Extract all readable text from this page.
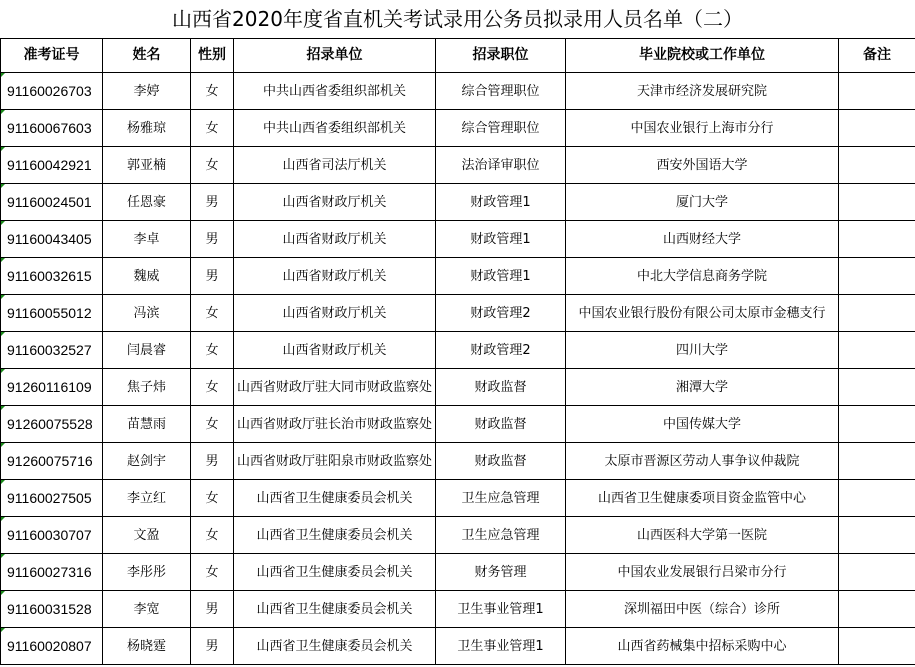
山西省2020年度省直机关考试录用公务员拟录用人员名单（二）
准考证号	姓名	性别	招录单位	招录职位	毕业院校或工作单位	备注
91160026703	李婷	女	中共山西省委组织部机关	综合管理职位	天津市经济发展研究院	
91160067603	杨雅琼	女	中共山西省委组织部机关	综合管理职位	中国农业银行上海市分行	
91160042921	郭亚楠	女	山西省司法厅机关	法治译审职位	西安外国语大学	
91160024501	任恩豪	男	山西省财政厅机关	财政管理1	厦门大学	
91160043405	李卓	男	山西省财政厅机关	财政管理1	山西财经大学	
91160032615	魏威	男	山西省财政厅机关	财政管理1	中北大学信息商务学院	
91160055012	冯滨	女	山西省财政厅机关	财政管理2	中国农业银行股份有限公司太原市金穗支行	
91160032527	闫晨睿	女	山西省财政厅机关	财政管理2	四川大学	
91260116109	焦子炜	女	山西省财政厅驻大同市财政监察处	财政监督	湘潭大学	
91260075528	苗慧雨	女	山西省财政厅驻长治市财政监察处	财政监督	中国传媒大学	
91260075716	赵剑宇	男	山西省财政厅驻阳泉市财政监察处	财政监督	太原市晋源区劳动人事争议仲裁院	
91160027505	李立红	女	山西省卫生健康委员会机关	卫生应急管理	山西省卫生健康委项目资金监管中心	
91160030707	文盈	女	山西省卫生健康委员会机关	卫生应急管理	山西医科大学第一医院	
91160027316	李彤彤	女	山西省卫生健康委员会机关	财务管理	中国农业发展银行吕梁市分行	
91160031528	李宽	男	山西省卫生健康委员会机关	卫生事业管理1	深圳福田中医（综合）诊所	
91160020807	杨晓霆	男	山西省卫生健康委员会机关	卫生事业管理1	山西省药械集中招标采购中心	
